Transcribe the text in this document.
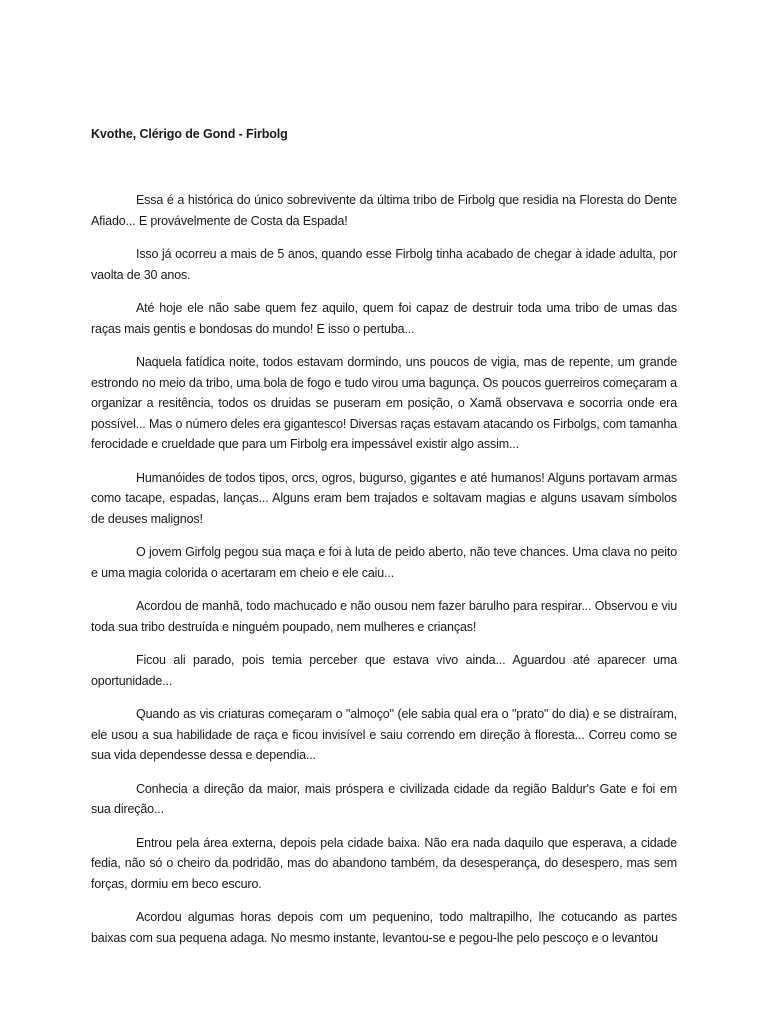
Kvothe, Clérigo de Gond - Firbolg

Essa é a histórica do único sobrevivente da última tribo de Firbolg que residia na Floresta do Dente Afiado... E provávelmente de Costa da Espada!

Isso já ocorreu a mais de 5 anos, quando esse Firbolg tinha acabado de chegar à idade adulta, por vaolta de 30 anos.

Até hoje ele não sabe quem fez aquilo, quem foi capaz de destruir toda uma tribo de umas das raças mais gentis e bondosas do mundo! E isso o pertuba...

Naquela fatídica noite, todos estavam dormindo, uns poucos de vigia, mas de repente, um grande estrondo no meio da tribo, uma bola de fogo e tudo virou uma bagunça. Os poucos guerreiros começaram a organizar a resitência, todos os druidas se puseram em posição, o Xamã observava e socorria onde era possível... Mas o número deles era gigantesco! Diversas raças estavam atacando os Firbolgs, com tamanha ferocidade e crueldade que para um Firbolg era impessável existir algo assim...

Humanóides de todos tipos, orcs, ogros, bugurso, gigantes e até humanos! Alguns portavam armas como tacape, espadas, lanças... Alguns eram bem trajados e soltavam magias e alguns usavam símbolos de deuses malignos!

O jovem Girfolg pegou sua maça e foi à luta de peido aberto, não teve chances. Uma clava no peito e uma magia colorida o acertaram em cheio e ele caiu...

Acordou de manhã, todo machucado e não ousou nem fazer barulho para respirar... Observou e viu toda sua tribo destruída e ninguém poupado, nem mulheres e crianças!

Ficou ali parado, pois temia perceber que estava vivo ainda... Aguardou até aparecer uma oportunidade...

Quando as vis criaturas começaram o "almoço" (ele sabia qual era o "prato" do dia) e se distraíram, ele usou a sua habilidade de raça e ficou invisível e saiu correndo em direção à floresta... Correu como se sua vida dependesse dessa e dependia...

Conhecia a direção da maior, mais próspera e civilizada cidade da região Baldur's Gate e foi em sua direção...

Entrou pela área externa, depois pela cidade baixa. Não era nada daquilo que esperava, a cidade fedia, não só o cheiro da podridão, mas do abandono também, da desesperança, do desespero, mas sem forças, dormiu em beco escuro.

Acordou algumas horas depois com um pequenino, todo maltrapilho, lhe cotucando as partes baixas com sua pequena adaga. No mesmo instante, levantou-se e pegou-lhe pelo pescoço e o levantou
